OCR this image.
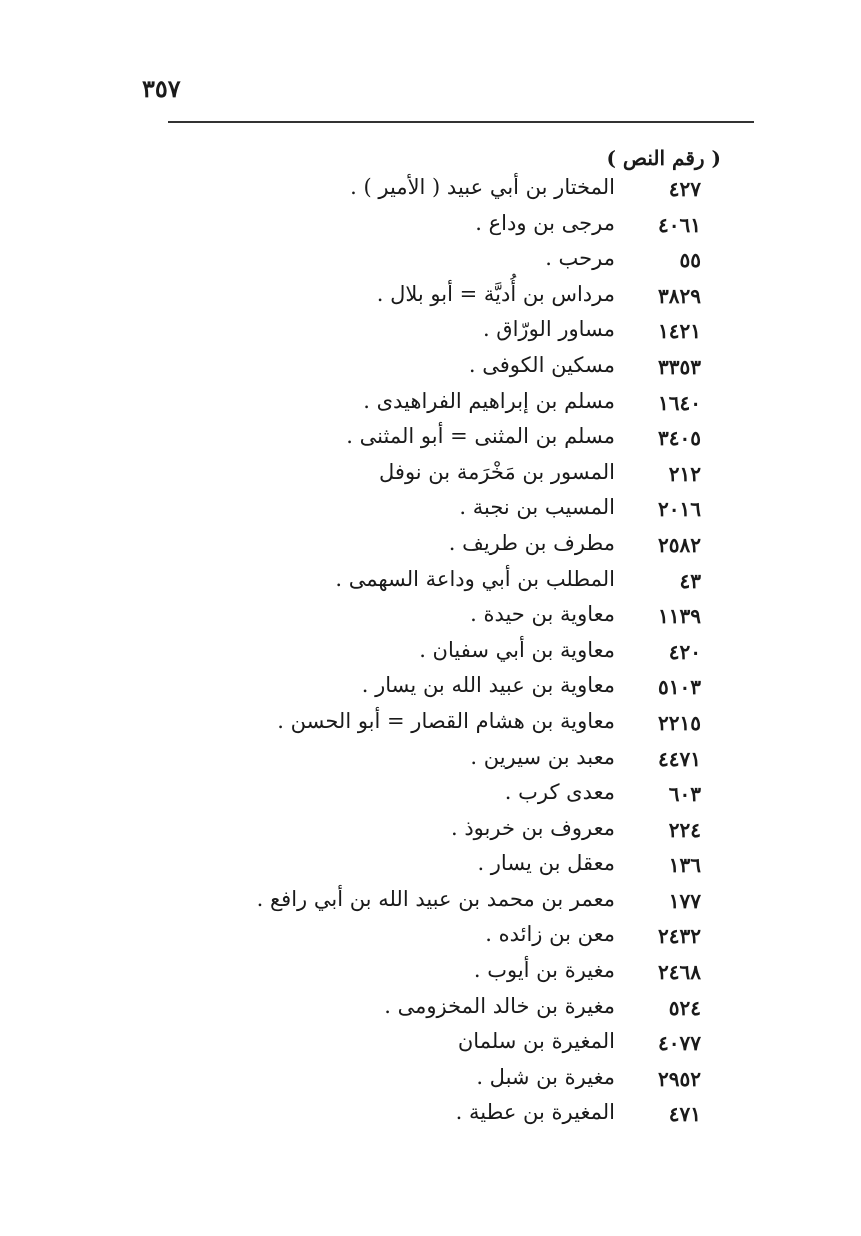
٣٥٧
( رقم النص )
٤٢٧
المختار بن أبي عبيد ( الأمير ) .
٤٠٦١
مرجى بن وداع .
٥٥
مرحب .
٣٨٢٩
مرداس بن أُديَّة = أبو بلال .
١٤٢١
مساور الورّاق .
٣٣٥٣
مسكين الكوفى .
١٦٤٠
مسلم بن إبراهيم الفراهيدى .
٣٤٠٥
مسلم بن المثنى = أبو المثنى .
٢١٢
المسور بن مَخْرَمة بن نوفل
٢٠١٦
المسيب بن نجبة .
٢٥٨٢
مطرف بن طريف .
٤٣
المطلب بن أبي وداعة السهمى .
١١٣٩
معاوية بن حيدة .
٤٢٠
معاوية بن أبي سفيان .
٥١٠٣
معاوية بن عبيد الله بن يسار .
٢٢١٥
معاوية بن هشام القصار = أبو الحسن .
٤٤٧١
معبد بن سيرين .
٦٠٣
معدى كرب .
٢٢٤
معروف بن خربوذ .
١٣٦
معقل بن يسار .
١٧٧
معمر بن محمد بن عبيد الله بن أبي رافع .
٢٤٣٢
معن بن زائده .
٢٤٦٨
مغيرة بن أيوب .
٥٢٤
مغيرة بن خالد المخزومى .
٤٠٧٧
المغيرة بن سلمان
٢٩٥٢
مغيرة بن شبل .
٤٧١
المغيرة بن عطية .
